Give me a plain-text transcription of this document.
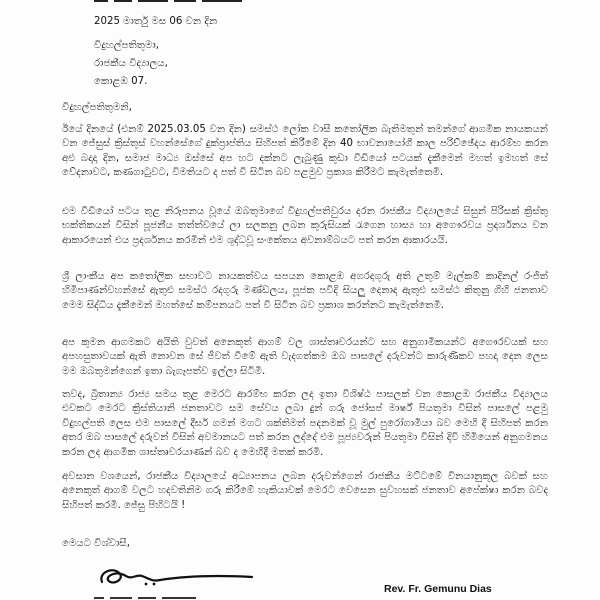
2025 මාර්තු මස 06 වන දින
විදුහල්පතිතුමා,
රාජකීය විද්‍යාලය,
කොළඹ 07.
විදුහල්පතිතුමනි,
ඊයේ දිනයේ (එනම් 2025.03.05 වන දින) සමස්ථ ලෝක වාසී කතෝලික බැතිමතුන් තමන්ගේ ආගමික නායකයන් වන ජේසුස් ක්‍රිස්තුස් වහන්සේගේ දුක්ප්‍රාප්තිය සිහිපත් කිරීමේ දින 40 භාවනායෝගී කාල පරිච්ඡේදය ආරම්භ කරන අළු බදාදා දින, සමාජ මාධ්‍ය ඔස්සේ අප හට දක්නට ලැබුණු කුඩා වීඩියෝ පටයක් දැකීමෙන් මහත් ඉමහත් සේ වේදනාවට, කණගාටුවට, විමතියට ද පත් වී සිටින බව පළමුව ප්‍රකාශ කිරීමට කැමැත්තෙමි.
එම වීඩියෝ පටය තුළ නිරූපනය වූයේ ඔබතුමාගේ විදුහල්පතිවුරය දරන රාජකීය විද්‍යාලයේ සිසුන් පිරිසක් ක්‍රිස්තු භක්තිකයන් විසින් පූජනීය තත්ත්වයේ ලා සලකනු ලබන කුරුසියක් රැගෙන හාස්‍ය හා අගෞරවය ප්‍රදර්ශනය වන ආකාරයෙන් එය ප්‍රදර්ශනය කරමින් එම ශුද්ධවූ සංකේතය අවනාම්බයට පත් කරන ආකාරයයි.
ශ්‍රී ලාංකීය අප කතෝලික සභාවට නායකත්වය සපයන කොළඹ අගරදගුරු අති උතුම් මැල්කම් කාදිනල් රංජිත් හිමිපාණන්වහන්සේ ඇතුළු සමස්ථ රදගුරු මණ්ඩලය, පූජක පවිදි සියලු දෙනාද ඇතුළු සමස්ථ කිතුනු ගිහි ජනතාව මෙම සිද්ධිය දැකීමෙන් මහත්සේ කම්පනයට පත් වී සිටින බව ප්‍රකාශ කරන්නට කැමැත්තෙමි.
අප කුමන ආගමකට අයිති වුවත් අනෙකුත් ආගම් වල ශාස්තෘවරයන්ට සහ අනුගාමිකයන්ට අගෞරවයක් සහ අපහසුතාවයක් ඇති නොවන සේ ජීවත් වීමේ ඇති වැදගත්කම ඔබ පාසලේ දරුවන්ට කාරුණිකව පහදා දෙන ලෙස මම ඔබතුමන්ගෙන් ඉතා බැගෑපත්ව ඉල්ලා සිටිමි.
තවද, බ්‍රිතාන්‍ය රාජ්‍ය සමය තුළ මෙරට ආරම්භ කරන ලද ඉතා විශිෂ්ඨ පාසලක් වන කොළඹ රාජකීය විද්‍යාලය එවකට මෙරට ක්‍රිස්තියානි ජනතාවට සම සේවය ලබා දුන් ගරු ජෝසප් මාර්ෂ් පියතුමා විසින් පාසලේ පළමු විදුහල්පති ලෙස එම පාසලේ දීර්ඝ ගමන් මගට ශක්තිමත් පදනමක් වූ මුල් පුරෝගාමියා බව මෙහි දී සිහිපත් කරන අතර ඔබ පාසලේ දරුවන් විසින් අවමානයට පත් කරන ලද්දේ එම පූජ්‍යවරුන් පියතුමා විසින් දිවි හිමියෙන් අනුගමනය කරන ලද ආගමික ශාස්තෘවරයාණන් බව ද මෙහිදී මතක් කරමි.
අවසාන වශයෙන්, රාජකීය විද්‍යාලයේ අධ්‍යාපනය ලබන දරුවන්ගෙන් රාජකීය මට්ටමේ විනයානුකූල බවක් සහ අනෙකුත් ආගම් වලට හදවතිනිම ගරු කිරීමේ හැකියාවක් මෙරට වෙසෙන සුවහසක් ජනතාව අපේක්ෂා කරන බවද සිහිපත් කරමි. ජේසු පිහිටයි !
මෙයට විශ්වාසී,
Rev. Fr. Gemunu Dias
